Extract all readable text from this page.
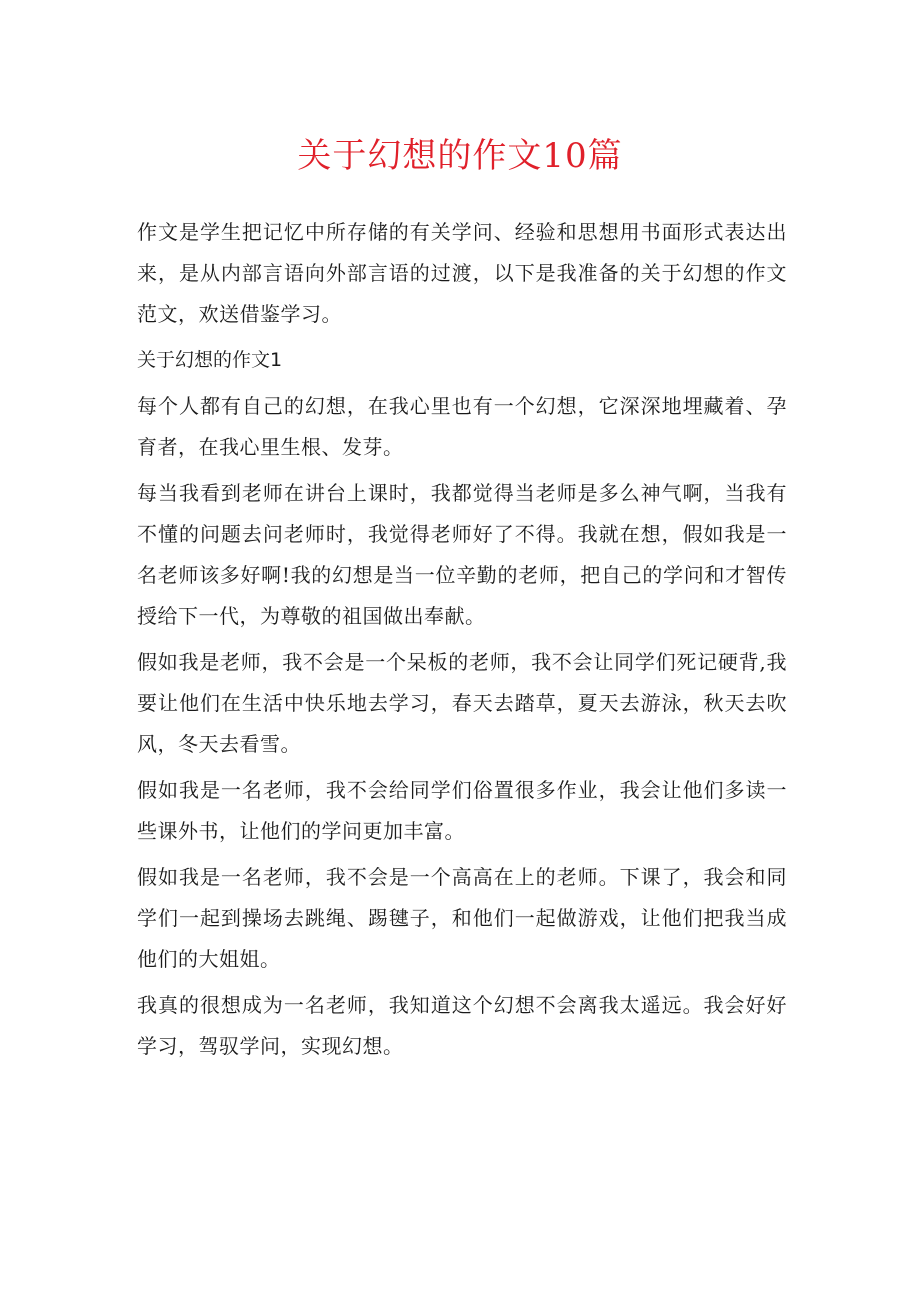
关于幻想的作文10篇

作文是学生把记忆中所存储的有关学问、经验和思想用书面形式表达出来，是从内部言语向外部言语的过渡，以下是我准备的关于幻想的作文范文，欢送借鉴学习。

关于幻想的作文1

每个人都有自己的幻想，在我心里也有一个幻想，它深深地埋藏着、孕育者，在我心里生根、发芽。

每当我看到老师在讲台上课时，我都觉得当老师是多么神气啊，当我有不懂的问题去问老师时，我觉得老师好了不得。我就在想，假如我是一名老师该多好啊!我的幻想是当一位辛勤的老师，把自己的学问和才智传授给下一代，为尊敬的祖国做出奉献。

假如我是老师，我不会是一个呆板的老师，我不会让同学们死记硬背,我要让他们在生活中快乐地去学习，春天去踏草，夏天去游泳，秋天去吹风，冬天去看雪。

假如我是一名老师，我不会给同学们俗置很多作业，我会让他们多读一些课外书，让他们的学问更加丰富。

假如我是一名老师，我不会是一个高高在上的老师。下课了，我会和同学们一起到操场去跳绳、踢毽子，和他们一起做游戏，让他们把我当成他们的大姐姐。

我真的很想成为一名老师，我知道这个幻想不会离我太遥远。我会好好学习，驾驭学问，实现幻想。
